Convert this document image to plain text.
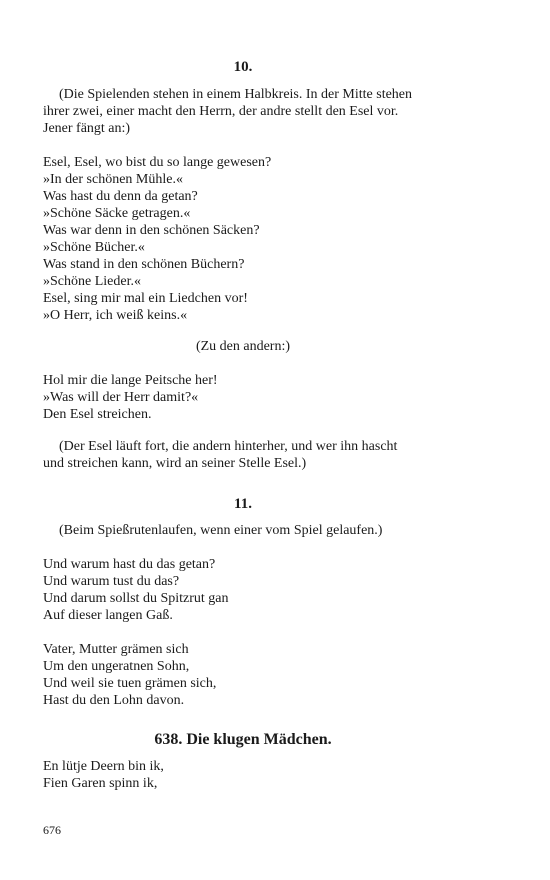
10.
(Die Spielenden stehen in einem Halbkreis. In der Mitte stehen
ihrer zwei, einer macht den Herrn, der andre stellt den Esel vor.
Jener fängt an:)
Esel, Esel, wo bist du so lange gewesen?
»In der schönen Mühle.«
Was hast du denn da getan?
»Schöne Säcke getragen.«
Was war denn in den schönen Säcken?
»Schöne Bücher.«
Was stand in den schönen Büchern?
»Schöne Lieder.«
Esel, sing mir mal ein Liedchen vor!
»O Herr, ich weiß keins.«
(Zu den andern:)
Hol mir die lange Peitsche her!
»Was will der Herr damit?«
Den Esel streichen.
(Der Esel läuft fort, die andern hinterher, und wer ihn hascht
und streichen kann, wird an seiner Stelle Esel.)
11.
(Beim Spießrutenlaufen, wenn einer vom Spiel gelaufen.)
Und warum hast du das getan?
Und warum tust du das?
Und darum sollst du Spitzrut gan
Auf dieser langen Gaß.
Vater, Mutter grämen sich
Um den ungeratnen Sohn,
Und weil sie tuen grämen sich,
Hast du den Lohn davon.
638. Die klugen Mädchen.
En lütje Deern bin ik,
Fien Garen spinn ik,
676
